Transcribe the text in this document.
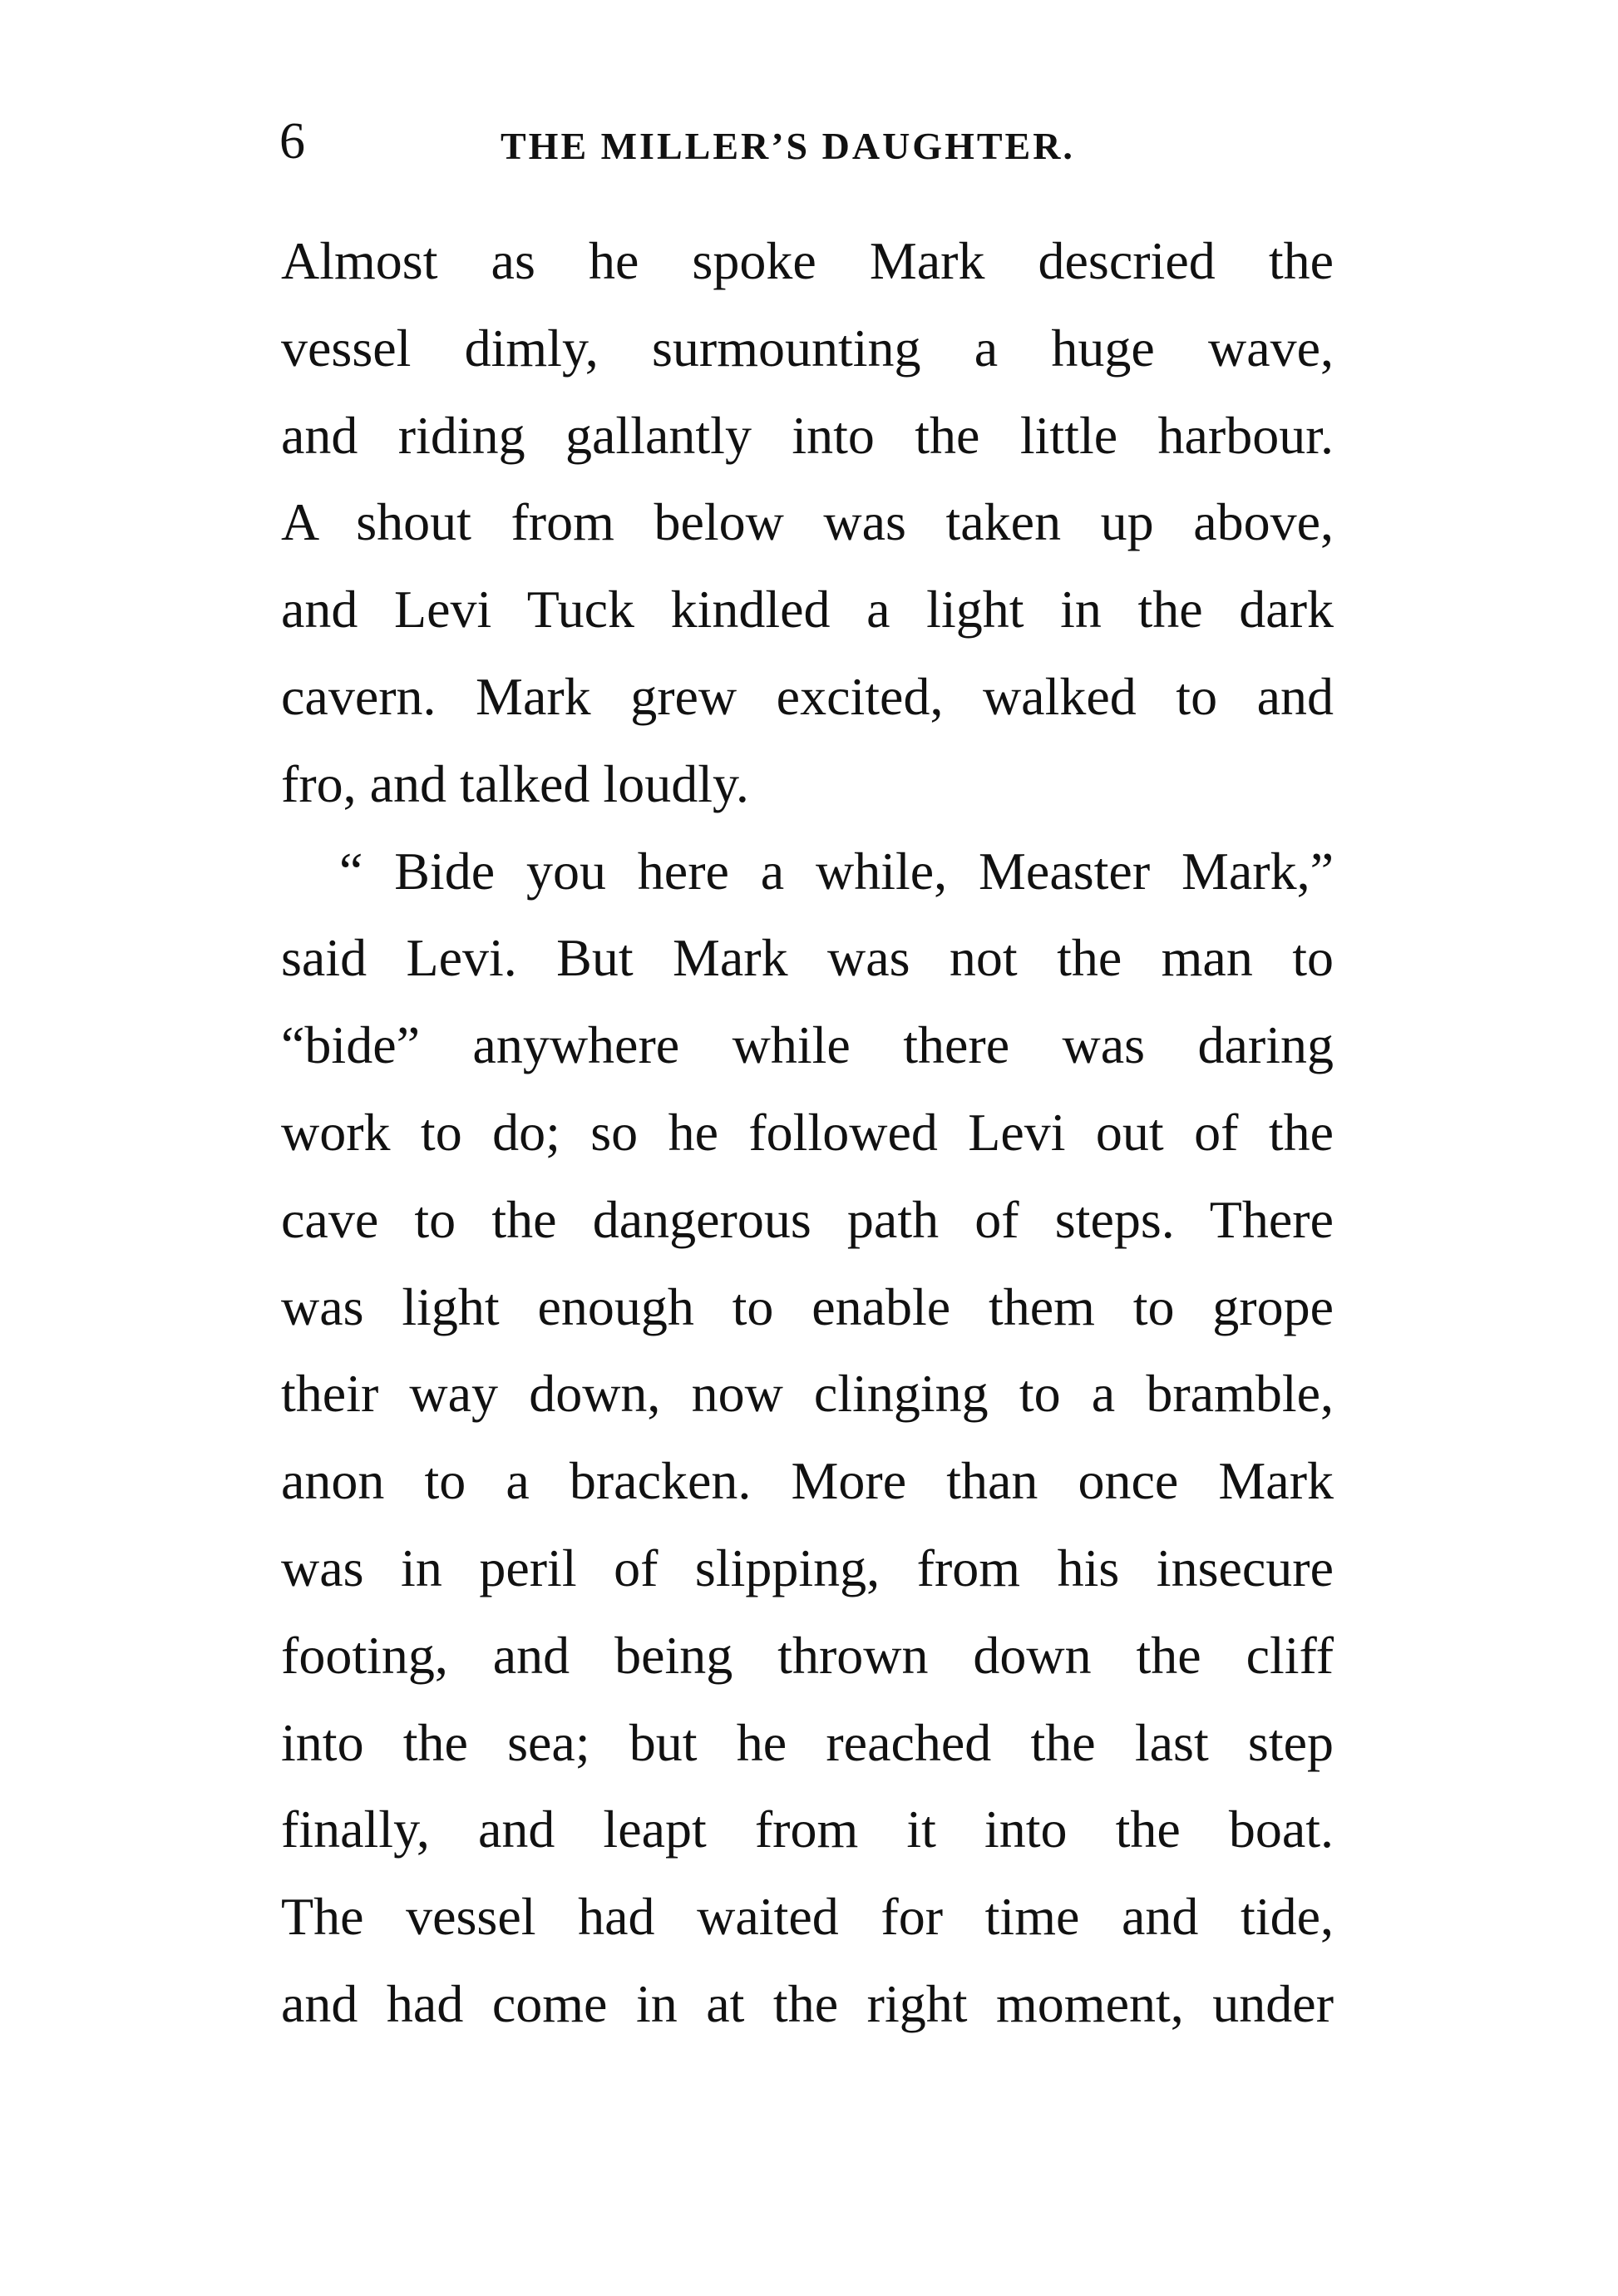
6	THE MILLER’S DAUGHTER.
Almost as he spoke Mark descried the
vessel dimly, surmounting a huge wave,
and riding gallantly into the little harbour.
A shout from below was taken up above,
and Levi Tuck kindled a light in the dark
cavern. Mark grew excited, walked to and
fro, and talked loudly.
“ Bide you here a while, Measter Mark,”
said Levi. But Mark was not the man to
“bide” anywhere while there was daring
work to do; so he followed Levi out of the
cave to the dangerous path of steps. There
was light enough to enable them to grope
their way down, now clinging to a bramble,
anon to a bracken. More than once Mark
was in peril of slipping, from his insecure
footing, and being thrown down the cliff
into the sea; but he reached the last step
finally, and leapt from it into the boat.
The vessel had waited for time and tide,
and had come in at the right moment, under
